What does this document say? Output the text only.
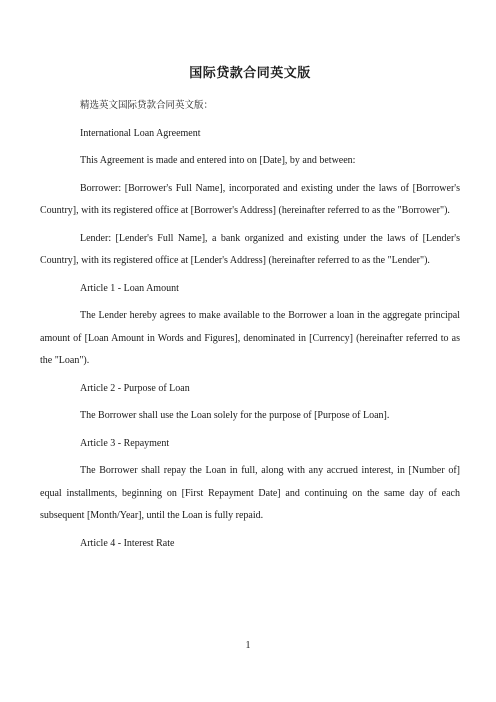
国际贷款合同英文版

精选英文国际贷款合同英文版：

International Loan Agreement

This Agreement is made and entered into on [Date], by and between:

Borrower: [Borrower's Full Name], incorporated and existing under the laws of [Borrower's Country], with its registered office at [Borrower's Address] (hereinafter referred to as the "Borrower").

Lender: [Lender's Full Name], a bank organized and existing under the laws of [Lender's Country], with its registered office at [Lender's Address] (hereinafter referred to as the "Lender").

Article 1 - Loan Amount

The Lender hereby agrees to make available to the Borrower a loan in the aggregate principal amount of [Loan Amount in Words and Figures], denominated in [Currency] (hereinafter referred to as the "Loan").

Article 2 - Purpose of Loan

The Borrower shall use the Loan solely for the purpose of [Purpose of Loan].

Article 3 - Repayment

The Borrower shall repay the Loan in full, along with any accrued interest, in [Number of] equal installments, beginning on [First Repayment Date] and continuing on the same day of each subsequent [Month/Year], until the Loan is fully repaid.

Article 4 - Interest Rate

1
